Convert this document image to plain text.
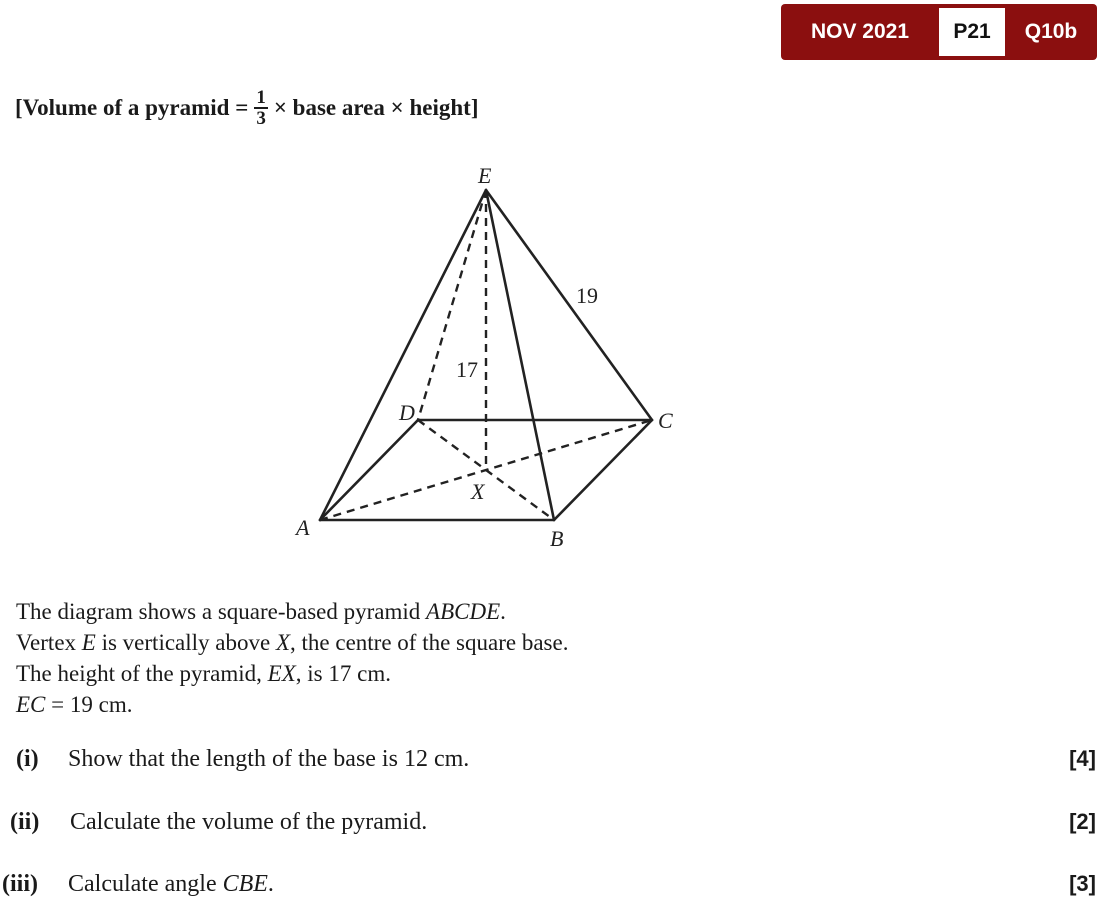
NOV 2021	P21	Q10b
[Volume of a pyramid = $\frac{1}{3}$ × base area × height]
E
D	C
A	B
X
19
17
The diagram shows a square-based pyramid ABCDE.
Vertex E is vertically above X, the centre of the square base.
The height of the pyramid, EX, is 17 cm.
EC = 19 cm.
(i) Show that the length of the base is 12 cm.	[4]
(ii) Calculate the volume of the pyramid.	[2]
(iii) Calculate angle CBE.	[3]
